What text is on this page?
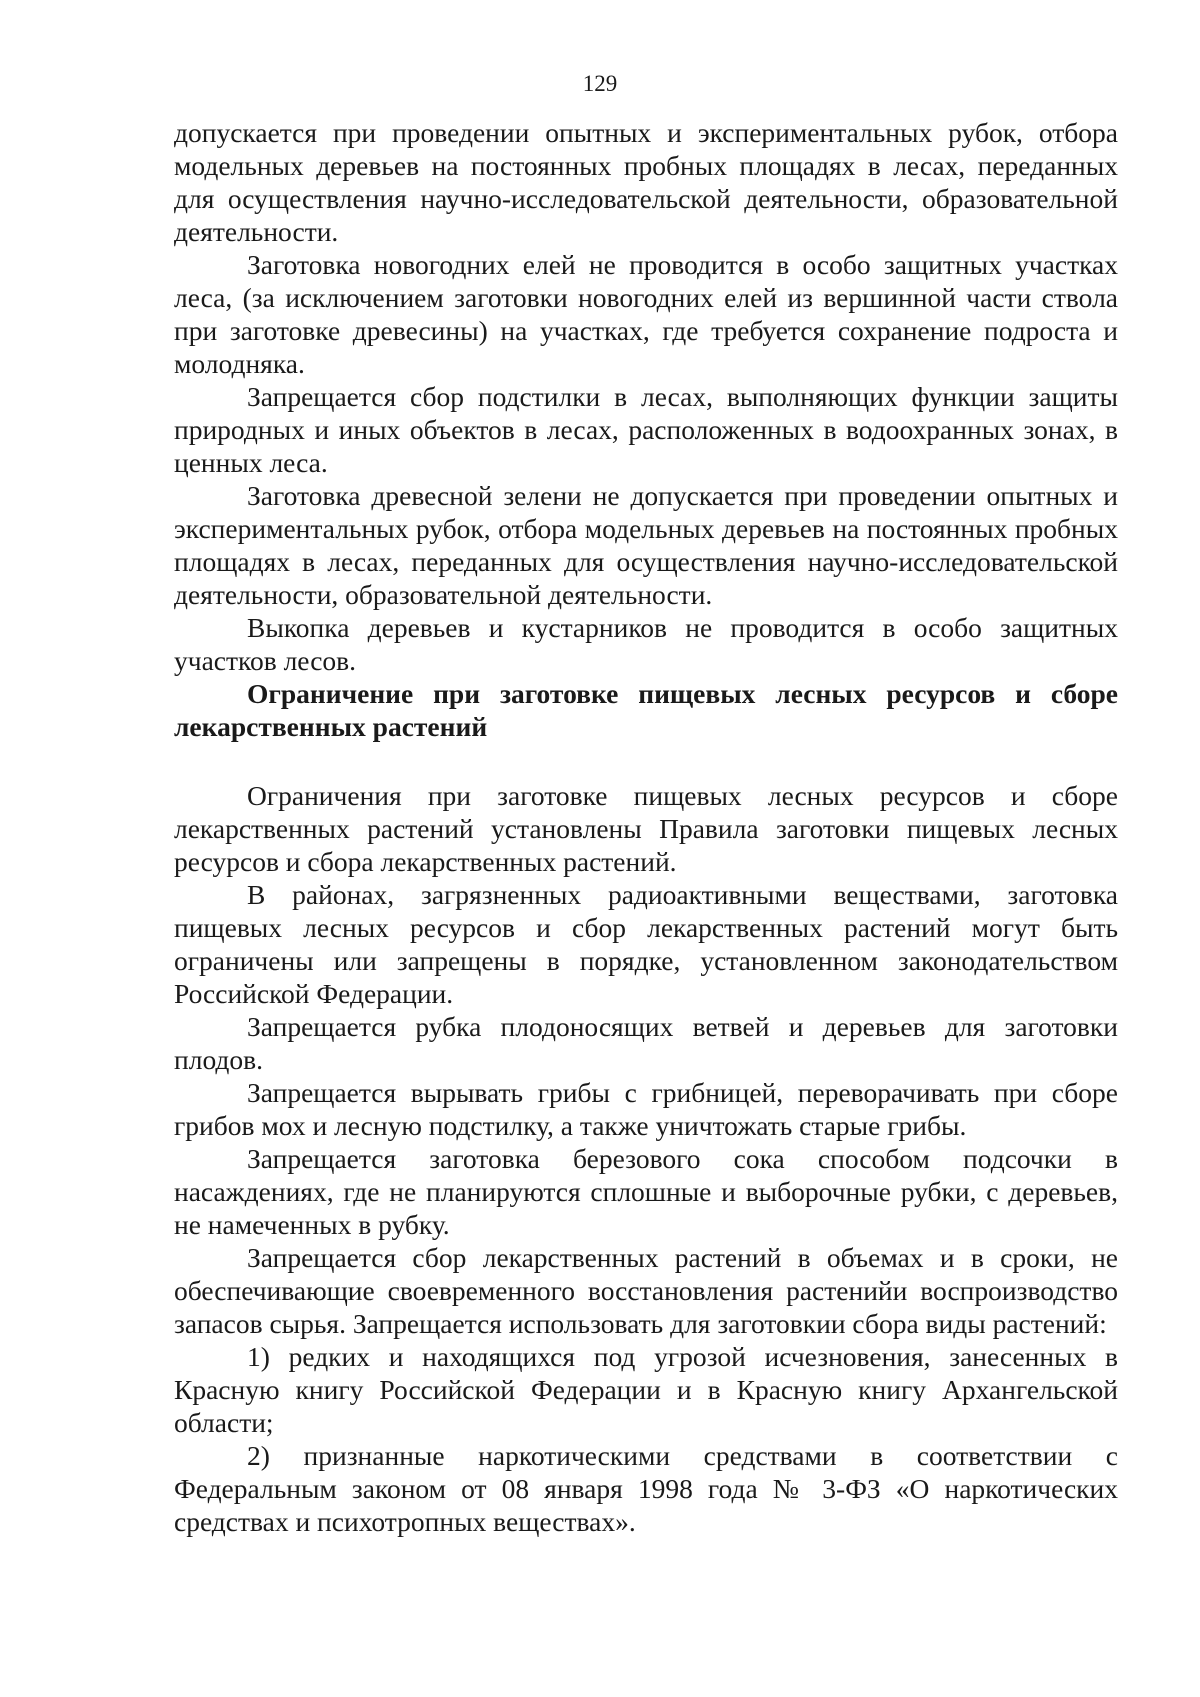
129

допускается при проведении опытных и экспериментальных рубок, отбора модельных деревьев на постоянных пробных площадях в лесах, переданных для осуществления научно-исследовательской деятельности, образовательной деятельности.

Заготовка новогодних елей не проводится в особо защитных участках леса, (за исключением заготовки новогодних елей из вершинной части ствола при заготовке древесины) на участках, где требуется сохранение подроста и молодняка.

Запрещается сбор подстилки в лесах, выполняющих функции защиты природных и иных объектов в лесах, расположенных в водоохранных зонах, в ценных леса.

Заготовка древесной зелени не допускается при проведении опытных и экспериментальных рубок, отбора модельных деревьев на постоянных пробных площадях в лесах, переданных для осуществления научно-исследовательской деятельности, образовательной деятельности.

Выкопка деревьев и кустарников не проводится в особо защитных участков лесов.

Ограничение при заготовке пищевых лесных ресурсов и сборе лекарственных растений

Ограничения при заготовке пищевых лесных ресурсов и сборе лекарственных растений установлены Правила заготовки пищевых лесных ресурсов и сбора лекарственных растений.

В районах, загрязненных радиоактивными веществами, заготовка пищевых лесных ресурсов и сбор лекарственных растений могут быть ограничены или запрещены в порядке, установленном законодательством Российской Федерации.

Запрещается рубка плодоносящих ветвей и деревьев для заготовки плодов.

Запрещается вырывать грибы с грибницей, переворачивать при сборе грибов мох и лесную подстилку, а также уничтожать старые грибы.

Запрещается заготовка березового сока способом подсочки в насаждениях, где не планируются сплошные и выборочные рубки, с деревьев, не намеченных в рубку.

Запрещается сбор лекарственных растений в объемах и в сроки, не обеспечивающие своевременного восстановления растенийи воспроизводство запасов сырья. Запрещается использовать для заготовкии сбора виды растений:

1) редких и находящихся под угрозой исчезновения, занесенных в Красную книгу Российской Федерации и в Красную книгу Архангельской области;

2) признанные наркотическими средствами в соответствии с Федеральным законом от 08 января 1998 года № 3-ФЗ «О наркотических средствах и психотропных веществах».
